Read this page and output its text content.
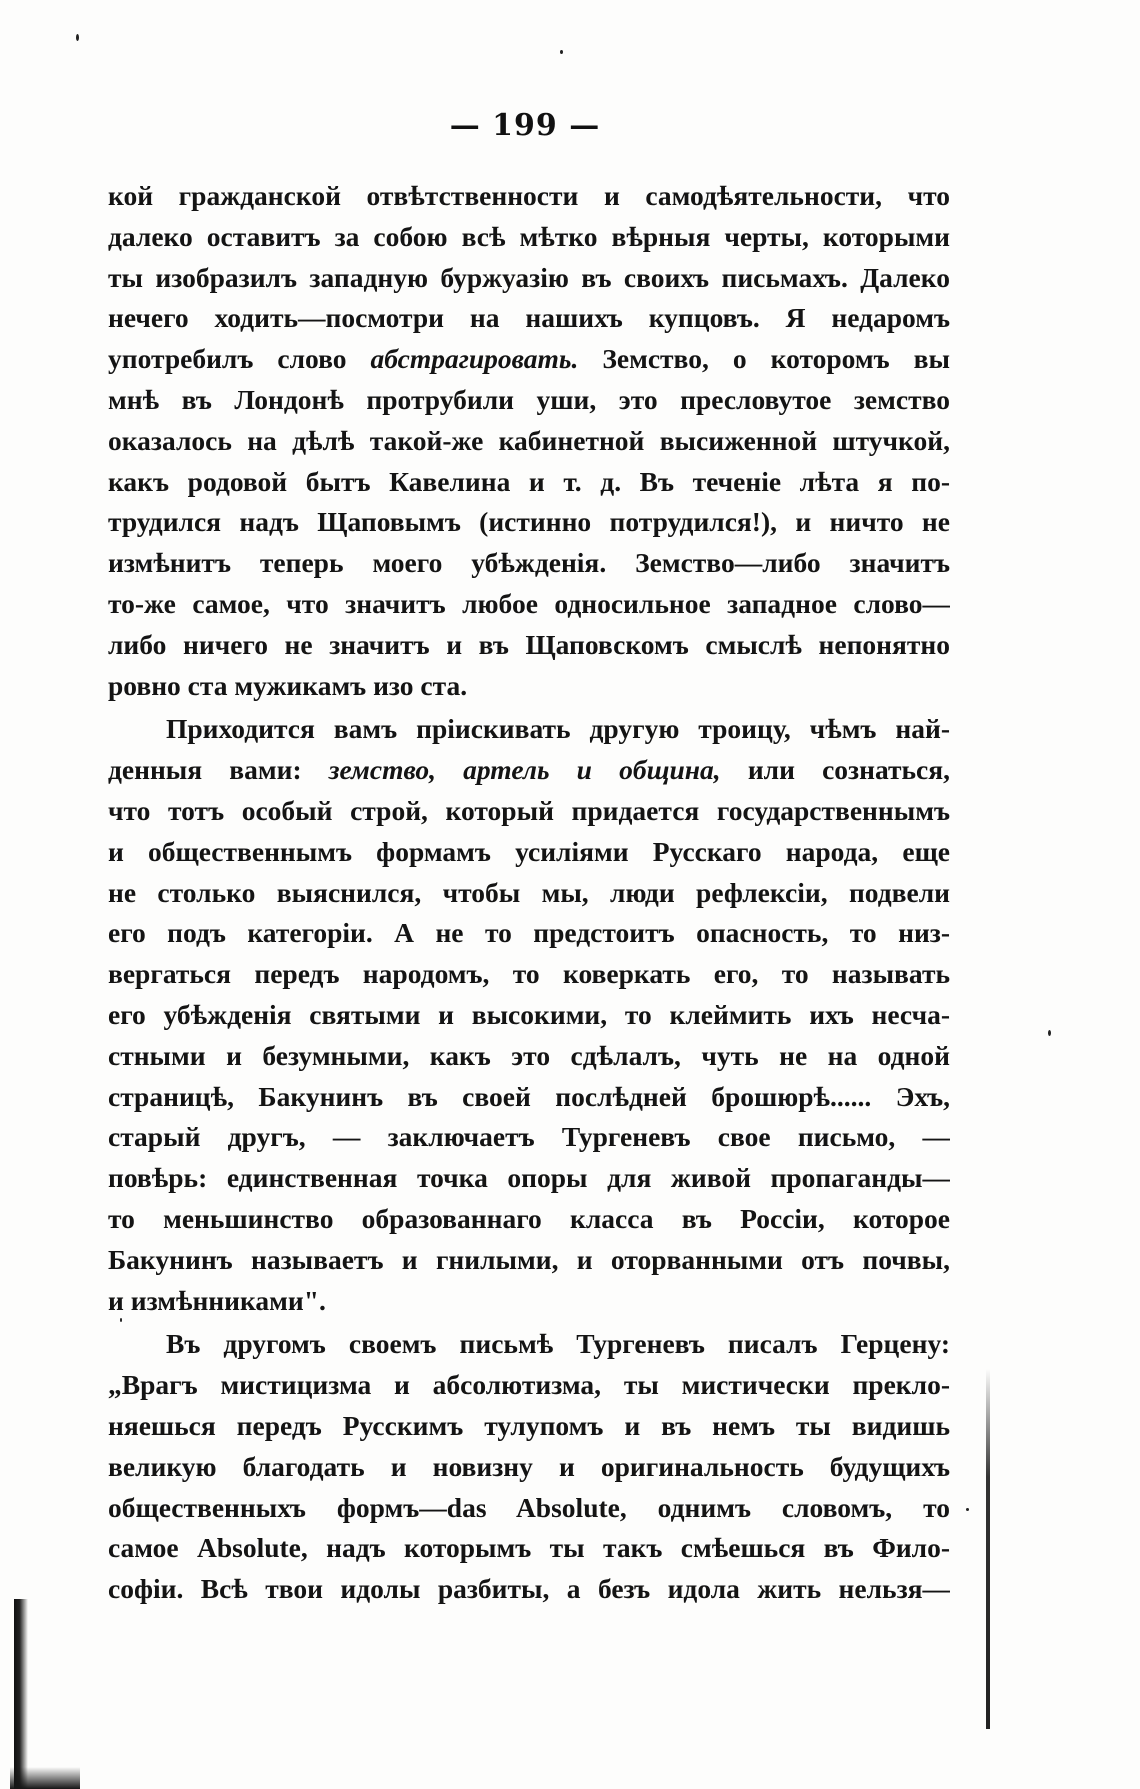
— 199 —
кой гражданской отвѣтственности и самодѣятельности, что
далеко оставитъ за собою всѣ мѣтко вѣрныя черты, которыми
ты изобразилъ западную буржуазію въ своихъ письмахъ. Далеко
нечего ходить—посмотри на нашихъ купцовъ. Я недаромъ
употребилъ слово абстрагировать. Земство, о которомъ вы
мнѣ въ Лондонѣ протрубили уши, это пресловутое земство
оказалось на дѣлѣ такой-же кабинетной высиженной штучкой,
какъ родовой бытъ Кавелина и т. д. Въ теченіе лѣта я по-
трудился надъ Щаповымъ (истинно потрудился!), и ничто не
измѣнитъ теперь моего убѣжденія. Земство—либо значитъ
то-же самое, что значитъ любое односильное западное слово—
либо ничего не значитъ и въ Щаповскомъ смыслѣ непонятно
ровно ста мужикамъ изо ста.
Приходится вамъ прiискивать другую троицу, чѣмъ най-
денныя вами: земство, артель и община, или сознаться,
что тотъ особый строй, который придается государственнымъ
и общественнымъ формамъ усиліями Русскаго народа, еще
не столько выяснился, чтобы мы, люди рефлексіи, подвели
его подъ категоріи. А не то предстоитъ опасность, то низ-
вергаться передъ народомъ, то коверкать его, то называть
его убѣжденія святыми и высокими, то клеймить ихъ несча-
стными и безумными, какъ это сдѣлалъ, чуть не на одной
страницѣ, Бакунинъ въ своей послѣдней брошюрѣ...... Эхъ,
старый другъ, — заключаетъ Тургеневъ свое письмо, —
повѣрь: единственная точка опоры для живой пропаганды—
то меньшинство образованнаго класса въ Россіи, которое
Бакунинъ называетъ и гнилыми, и оторванными отъ почвы,
и измѣнниками".
Въ другомъ своемъ письмѣ Тургеневъ писалъ Герцену:
„Врагъ мистицизма и абсолютизма, ты мистически прекло-
няешься передъ Русскимъ тулупомъ и въ немъ ты видишь
великую благодать и новизну и оригинальность будущихъ
общественныхъ формъ—das Absolute, однимъ словомъ, то
самое Absolute, надъ которымъ ты такъ смѣешься въ Фило-
софіи. Всѣ твои идолы разбиты, а безъ идола жить нельзя—
